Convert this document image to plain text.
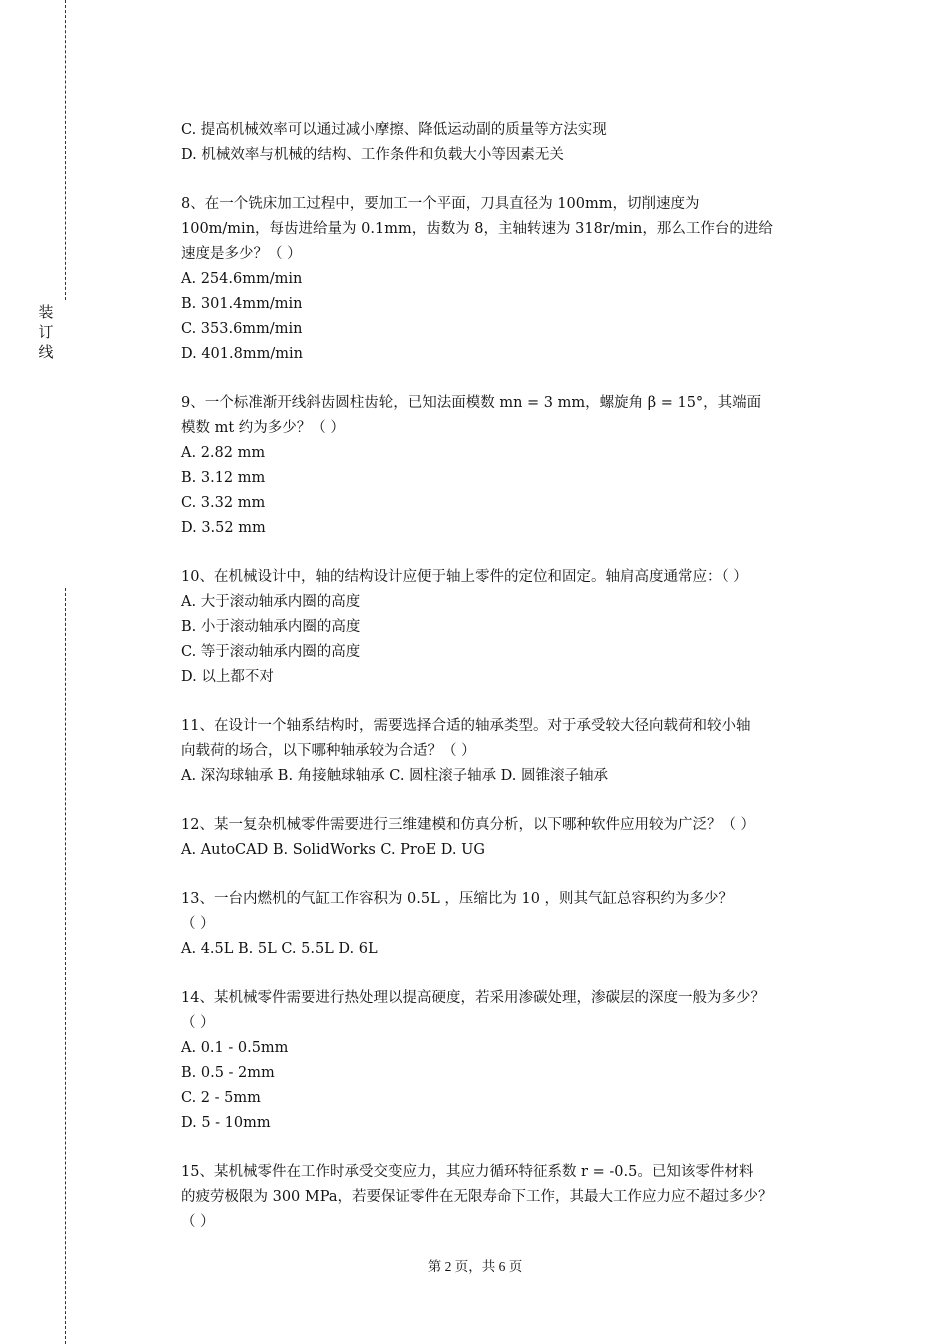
装
订
线
C. 提高机械效率可以通过减小摩擦、降低运动副的质量等方法实现
D. 机械效率与机械的结构、工作条件和负载大小等因素无关
8、在一个铣床加工过程中，要加工一个平面，刀具直径为 100mm，切削速度为
100m/min，每齿进给量为 0.1mm，齿数为 8，主轴转速为 318r/min，那么工作台的进给
速度是多少？（ ）
A. 254.6mm/min
B. 301.4mm/min
C. 353.6mm/min
D. 401.8mm/min
9、一个标准渐开线斜齿圆柱齿轮，已知法面模数 mn = 3 mm，螺旋角 β = 15°，其端面
模数 mt 约为多少？（ ）
A. 2.82 mm
B. 3.12 mm
C. 3.32 mm
D. 3.52 mm
10、在机械设计中，轴的结构设计应便于轴上零件的定位和固定。轴肩高度通常应：（ ）
A. 大于滚动轴承内圈的高度
B. 小于滚动轴承内圈的高度
C. 等于滚动轴承内圈的高度
D. 以上都不对
11、在设计一个轴系结构时，需要选择合适的轴承类型。对于承受较大径向载荷和较小轴
向载荷的场合，以下哪种轴承较为合适？（ ）
A. 深沟球轴承 B. 角接触球轴承 C. 圆柱滚子轴承 D. 圆锥滚子轴承
12、某一复杂机械零件需要进行三维建模和仿真分析，以下哪种软件应用较为广泛？（ ）
A. AutoCAD B. SolidWorks C. ProE D. UG
13、一台内燃机的气缸工作容积为 0.5L ，压缩比为 10 ，则其气缸总容积约为多少？
（ ）
A. 4.5L B. 5L C. 5.5L D. 6L
14、某机械零件需要进行热处理以提高硬度，若采用渗碳处理，渗碳层的深度一般为多少？
（ ）
A. 0.1 - 0.5mm
B. 0.5 - 2mm
C. 2 - 5mm
D. 5 - 10mm
15、某机械零件在工作时承受交变应力，其应力循环特征系数 r = -0.5。已知该零件材料
的疲劳极限为 300 MPa，若要保证零件在无限寿命下工作，其最大工作应力应不超过多少？
（ ）
第 2 页，共 6 页
